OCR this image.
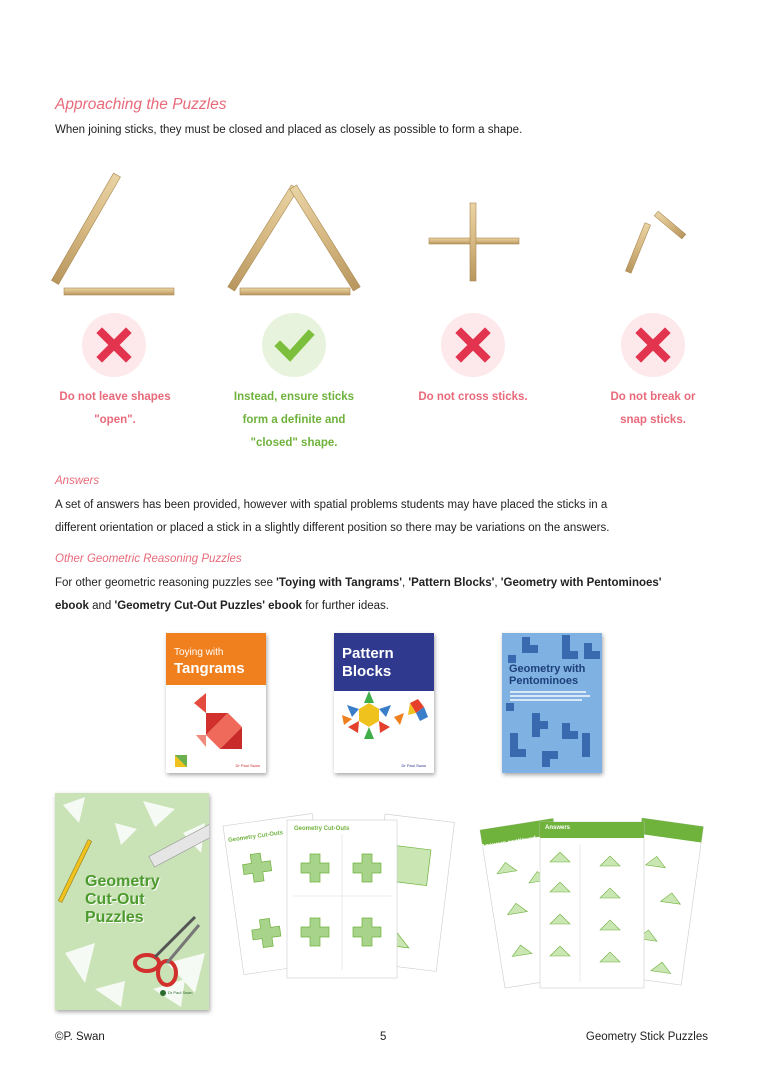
Approaching the Puzzles
When joining sticks, they must be closed and placed as closely as possible to form a shape.
Do not leave shapes
"open".
Instead, ensure sticks
form a definite and
"closed" shape.
Do not cross sticks.	Do not break or
snap sticks.
Answers
A set of answers has been provided, however with spatial problems students may have placed the sticks in a
different orientation or placed a stick in a slightly different position so there may be variations on the answers.
Other Geometric Reasoning Puzzles
For other geometric reasoning puzzles see 'Toying with Tangrams', 'Pattern Blocks', 'Geometry with Pentominoes'
ebook and 'Geometry Cut-Out Puzzles' ebook for further ideas.
Toying with
Tangrams
Dr Paul Swan
Pattern
Blocks
Dr Paul Swan
Geometry with
Pentominoes
Geometry
Cut-Out
Puzzles
Dr Paul Swan
Geometry Cut-Outs
Geometry Cut-Outs
Answers continued
Answers
©P. Swan	5	Geometry Stick Puzzles
